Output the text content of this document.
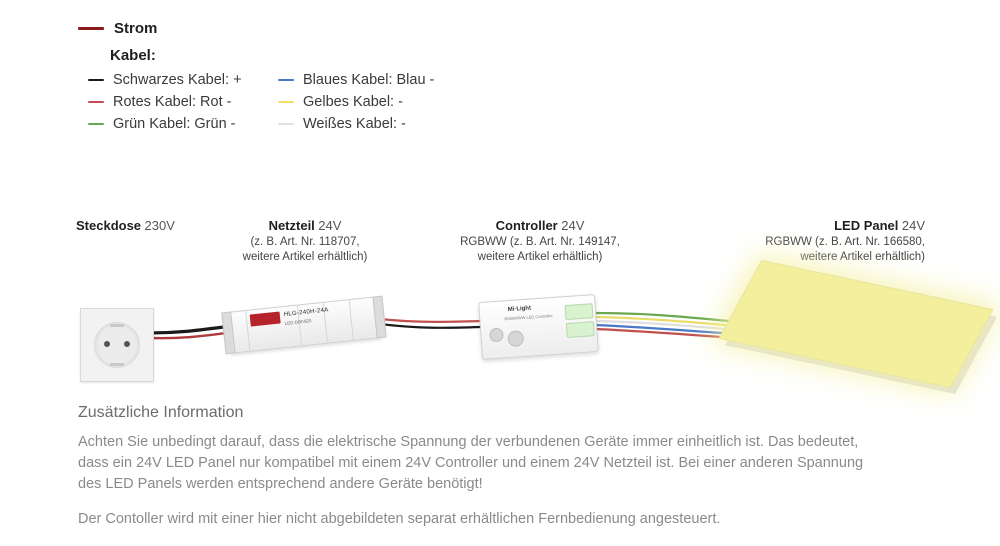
Strom
Kabel:
Schwarzes Kabel: +	Blaues Kabel: Blau -
Rotes Kabel: Rot -	Gelbes Kabel: -
Grün Kabel: Grün -	Weißes Kabel: -
Steckdose 230V	Netzteil 24V
(z. B. Art. Nr. 118707,
weitere Artikel erhältlich)
Controller 24V
RGBWW (z. B. Art. Nr. 149147,
weitere Artikel erhältlich)
LED Panel 24V
RGBWW (z. B. Art. Nr. 166580,
weitere Artikel erhältlich)
HLG-240H-24A
LED DRIVER
Mi·Light
RGBW/WW LED Controller
Zusätzliche Information

Achten Sie unbedingt darauf, dass die elektrische Spannung der verbundenen Geräte immer einheitlich ist. Das bedeutet, dass ein 24V LED Panel nur kompatibel mit einem 24V Controller und einem 24V Netzteil ist. Bei einer anderen Spannung des LED Panels werden entsprechend andere Geräte benötigt!

Der Contoller wird mit einer hier nicht abgebildeten separat erhältlichen Fernbedienung angesteuert.
